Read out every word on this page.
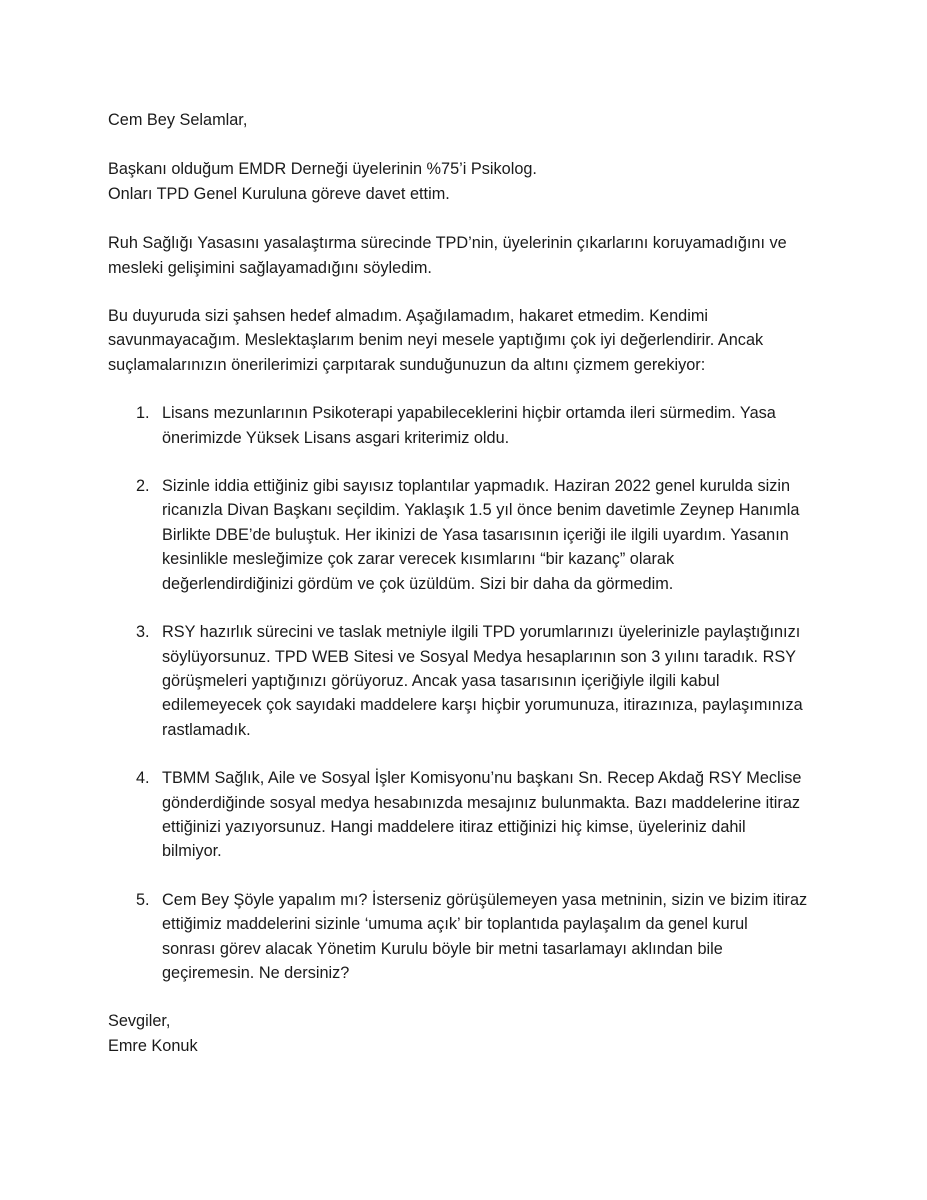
Cem Bey Selamlar,

Başkanı olduğum EMDR Derneği üyelerinin %75’i Psikolog.
Onları TPD Genel Kuruluna göreve davet ettim.

Ruh Sağlığı Yasasını yasalaştırma sürecinde TPD’nin, üyelerinin çıkarlarını koruyamadığını ve
mesleki gelişimini sağlayamadığını söyledim.

Bu duyuruda sizi şahsen hedef almadım. Aşağılamadım, hakaret etmedim. Kendimi
savunmayacağım. Meslektaşlarım benim neyi mesele yaptığımı çok iyi değerlendirir. Ancak
suçlamalarınızın önerilerimizi çarpıtarak sunduğunuzun da altını çizmem gerekiyor:

1. Lisans mezunlarının Psikoterapi yapabileceklerini hiçbir ortamda ileri sürmedim. Yasa
önerimizde Yüksek Lisans asgari kriterimiz oldu.
2. Sizinle iddia ettiğiniz gibi sayısız toplantılar yapmadık. Haziran 2022 genel kurulda sizin
ricanızla Divan Başkanı seçildim. Yaklaşık 1.5 yıl önce benim davetimle Zeynep Hanımla
Birlikte DBE’de buluştuk. Her ikinizi de Yasa tasarısının içeriği ile ilgili uyardım. Yasanın
kesinlikle mesleğimize çok zarar verecek kısımlarını “bir kazanç” olarak
değerlendirdiğinizi gördüm ve çok üzüldüm. Sizi bir daha da görmedim.
3. RSY hazırlık sürecini ve taslak metniyle ilgili TPD yorumlarınızı üyelerinizle paylaştığınızı
söylüyorsunuz. TPD WEB Sitesi ve Sosyal Medya hesaplarının son 3 yılını taradık. RSY
görüşmeleri yaptığınızı görüyoruz. Ancak yasa tasarısının içeriğiyle ilgili kabul
edilemeyecek çok sayıdaki maddelere karşı hiçbir yorumunuza, itirazınıza, paylaşımınıza
rastlamadık.
4. TBMM Sağlık, Aile ve Sosyal İşler Komisyonu’nu başkanı Sn. Recep Akdağ RSY Meclise
gönderdiğinde sosyal medya hesabınızda mesajınız bulunmakta. Bazı maddelerine itiraz
ettiğinizi yazıyorsunuz. Hangi maddelere itiraz ettiğinizi hiç kimse, üyeleriniz dahil
bilmiyor.
5. Cem Bey Şöyle yapalım mı? İsterseniz görüşülemeyen yasa metninin, sizin ve bizim itiraz
ettiğimiz maddelerini sizinle ‘umuma açık’ bir toplantıda paylaşalım da genel kurul
sonrası görev alacak Yönetim Kurulu böyle bir metni tasarlamayı aklından bile
geçiremesin. Ne dersiniz?

Sevgiler,
Emre Konuk
